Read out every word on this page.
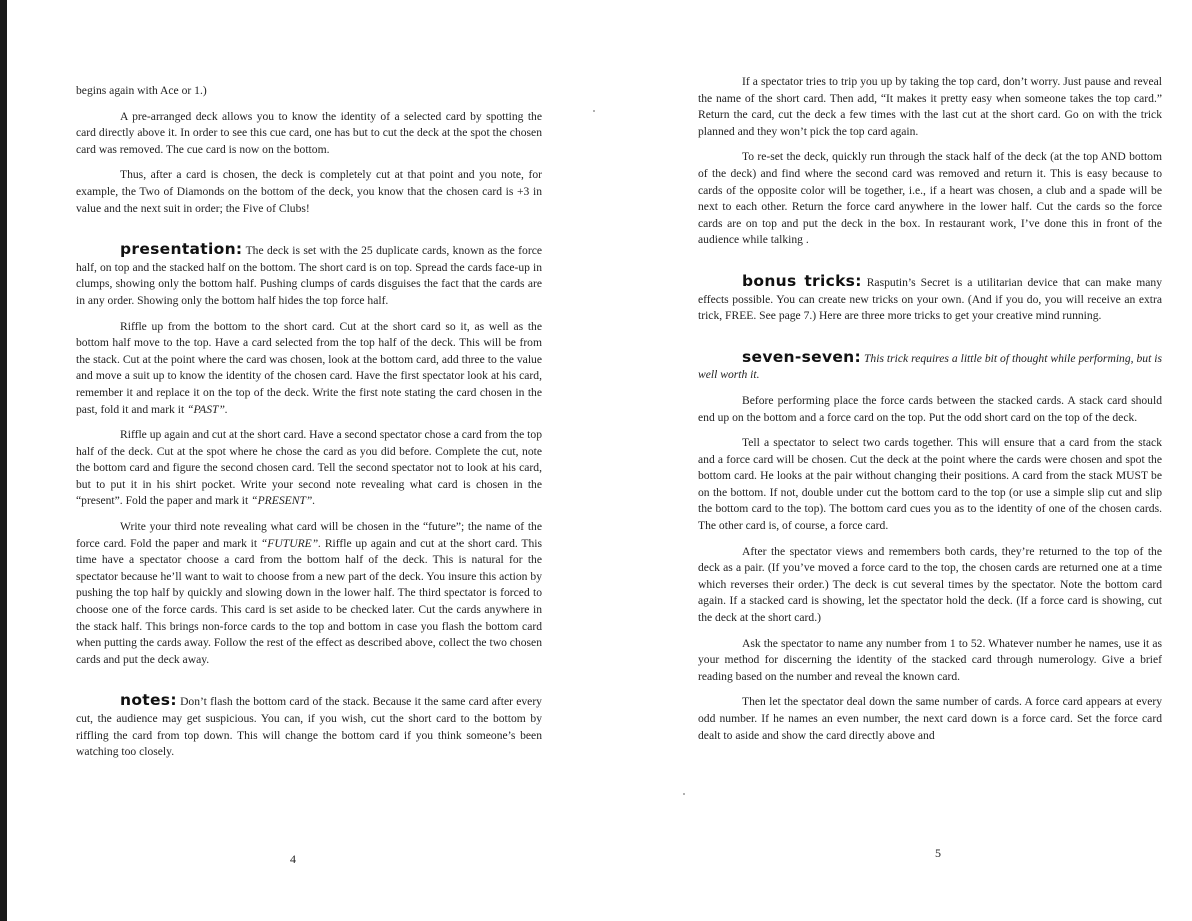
begins again with Ace or 1.)

A pre-arranged deck allows you to know the identity of a selected card by spotting the card directly above it. In order to see this cue card, one has but to cut the deck at the spot the chosen card was removed. The cue card is now on the bottom.

Thus, after a card is chosen, the deck is completely cut at that point and you note, for example, the Two of Diamonds on the bottom of the deck, you know that the chosen card is +3 in value and the next suit in order; the Five of Clubs!

presentation: The deck is set with the 25 duplicate cards, known as the force half, on top and the stacked half on the bottom. The short card is on top. Spread the cards face-up in clumps, showing only the bottom half. Pushing clumps of cards disguises the fact that the cards are in any order. Showing only the bottom half hides the top force half.

Riffle up from the bottom to the short card. Cut at the short card so it, as well as the bottom half move to the top. Have a card selected from the top half of the deck. This will be from the stack. Cut at the point where the card was chosen, look at the bottom card, add three to the value and move a suit up to know the identity of the chosen card. Have the first spectator look at his card, remember it and replace it on the top of the deck. Write the first note stating the card chosen in the past, fold it and mark it “PAST”.

Riffle up again and cut at the short card. Have a second spectator chose a card from the top half of the deck. Cut at the spot where he chose the card as you did before. Complete the cut, note the bottom card and figure the second chosen card. Tell the second spectator not to look at his card, but to put it in his shirt pocket. Write your second note revealing what card is chosen in the “present”. Fold the paper and mark it “PRESENT”.

Write your third note revealing what card will be chosen in the “future”; the name of the force card. Fold the paper and mark it “FUTURE”. Riffle up again and cut at the short card. This time have a spectator choose a card from the bottom half of the deck. This is natural for the spectator because he’ll want to wait to choose from a new part of the deck. You insure this action by pushing the top half by quickly and slowing down in the lower half. The third spectator is forced to choose one of the force cards. This card is set aside to be checked later. Cut the cards anywhere in the stack half. This brings non-force cards to the top and bottom in case you flash the bottom card when putting the cards away. Follow the rest of the effect as described above, collect the two chosen cards and put the deck away.

notes: Don’t flash the bottom card of the stack. Because it the same card after every cut, the audience may get suspicious. You can, if you wish, cut the short card to the bottom by riffling the card from top down. This will change the bottom card if you think someone’s been watching too closely.

4

If a spectator tries to trip you up by taking the top card, don’t worry. Just pause and reveal the name of the short card. Then add, “It makes it pretty easy when someone takes the top card.” Return the card, cut the deck a few times with the last cut at the short card. Go on with the trick planned and they won’t pick the top card again.

To re-set the deck, quickly run through the stack half of the deck (at the top AND bottom of the deck) and find where the second card was removed and return it. This is easy because to cards of the opposite color will be together, i.e., if a heart was chosen, a club and a spade will be next to each other. Return the force card anywhere in the lower half. Cut the cards so the force cards are on top and put the deck in the box. In restaurant work, I’ve done this in front of the audience while talking .

bonus tricks: Rasputin’s Secret is a utilitarian device that can make many effects possible. You can create new tricks on your own. (And if you do, you will receive an extra trick, FREE. See page 7.) Here are three more tricks to get your creative mind running.

seven-seven: This trick requires a little bit of thought while performing, but is well worth it.

Before performing place the force cards between the stacked cards. A stack card should end up on the bottom and a force card on the top. Put the odd short card on the top of the deck.

Tell a spectator to select two cards together. This will ensure that a card from the stack and a force card will be chosen. Cut the deck at the point where the cards were chosen and spot the bottom card. He looks at the pair without changing their positions. A card from the stack MUST be on the bottom. If not, double under cut the bottom card to the top (or use a simple slip cut and slip the bottom card to the top). The bottom card cues you as to the identity of one of the chosen cards. The other card is, of course, a force card.

After the spectator views and remembers both cards, they’re returned to the top of the deck as a pair. (If you’ve moved a force card to the top, the chosen cards are returned one at a time which reverses their order.) The deck is cut several times by the spectator. Note the bottom card again. If a stacked card is showing, let the spectator hold the deck. (If a force card is showing, cut the deck at the short card.)

Ask the spectator to name any number from 1 to 52. Whatever number he names, use it as your method for discerning the identity of the stacked card through numerology. Give a brief reading based on the number and reveal the known card.

Then let the spectator deal down the same number of cards. A force card appears at every odd number. If he names an even number, the next card down is a force card. Set the force card dealt to aside and show the card directly above and

5
